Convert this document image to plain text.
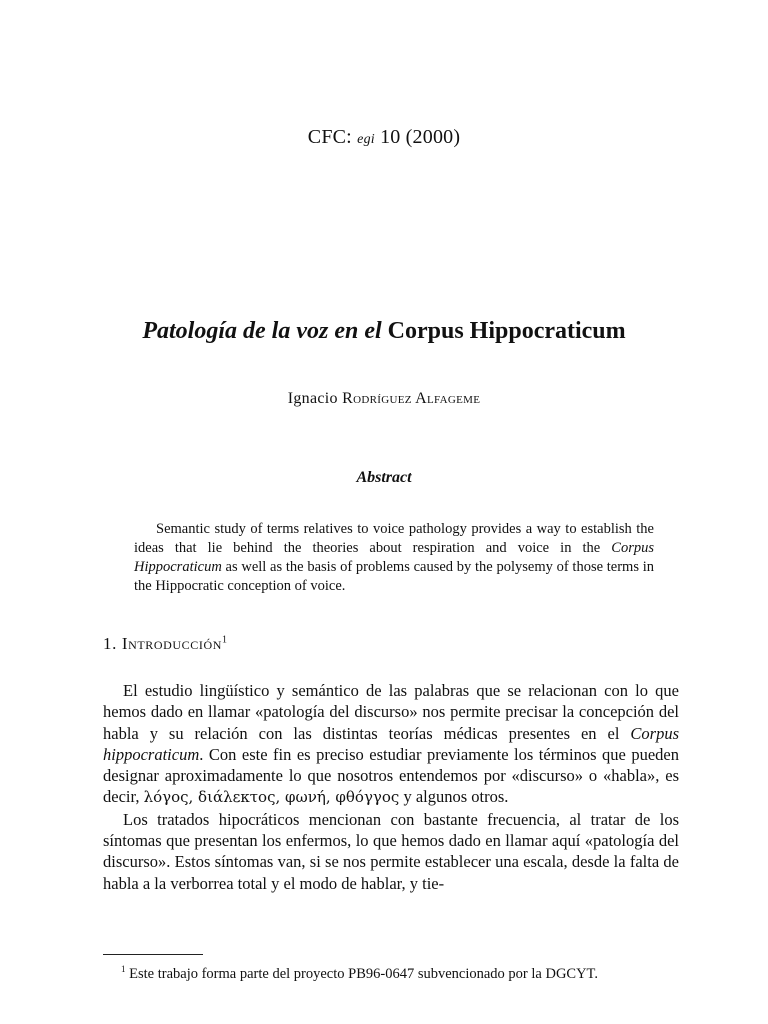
CFC: egi 10 (2000)
Patología de la voz en el Corpus Hippocraticum
Ignacio Rodríguez Alfageme
Abstract
Semantic study of terms relatives to voice pathology provides a way to establish the ideas that lie behind the theories about respiration and voice in the Corpus Hippocraticum as well as the basis of problems caused by the polysemy of those terms in the Hippocratic conception of voice.
1. Introducción$^1$

El estudio lingüístico y semántico de las palabras que se relacionan con lo que hemos dado en llamar «patología del discurso» nos permite precisar la concepción del habla y su relación con las distintas teorías médicas presentes en el Corpus hippocraticum. Con este fin es preciso estudiar previamente los términos que pueden designar aproximadamente lo que nosotros entendemos por «discurso» o «habla», es decir, λόγος, διάλεκτος, φωνή, φθόγγος y algunos otros.

Los tratados hipocráticos mencionan con bastante frecuencia, al tratar de los síntomas que presentan los enfermos, lo que hemos dado en llamar aquí «patología del discurso». Estos síntomas van, si se nos permite establecer una escala, desde la falta de habla a la verborrea total y el modo de hablar, y tie-

$^1$ Este trabajo forma parte del proyecto PB96-0647 subvencionado por la DGCYT.
